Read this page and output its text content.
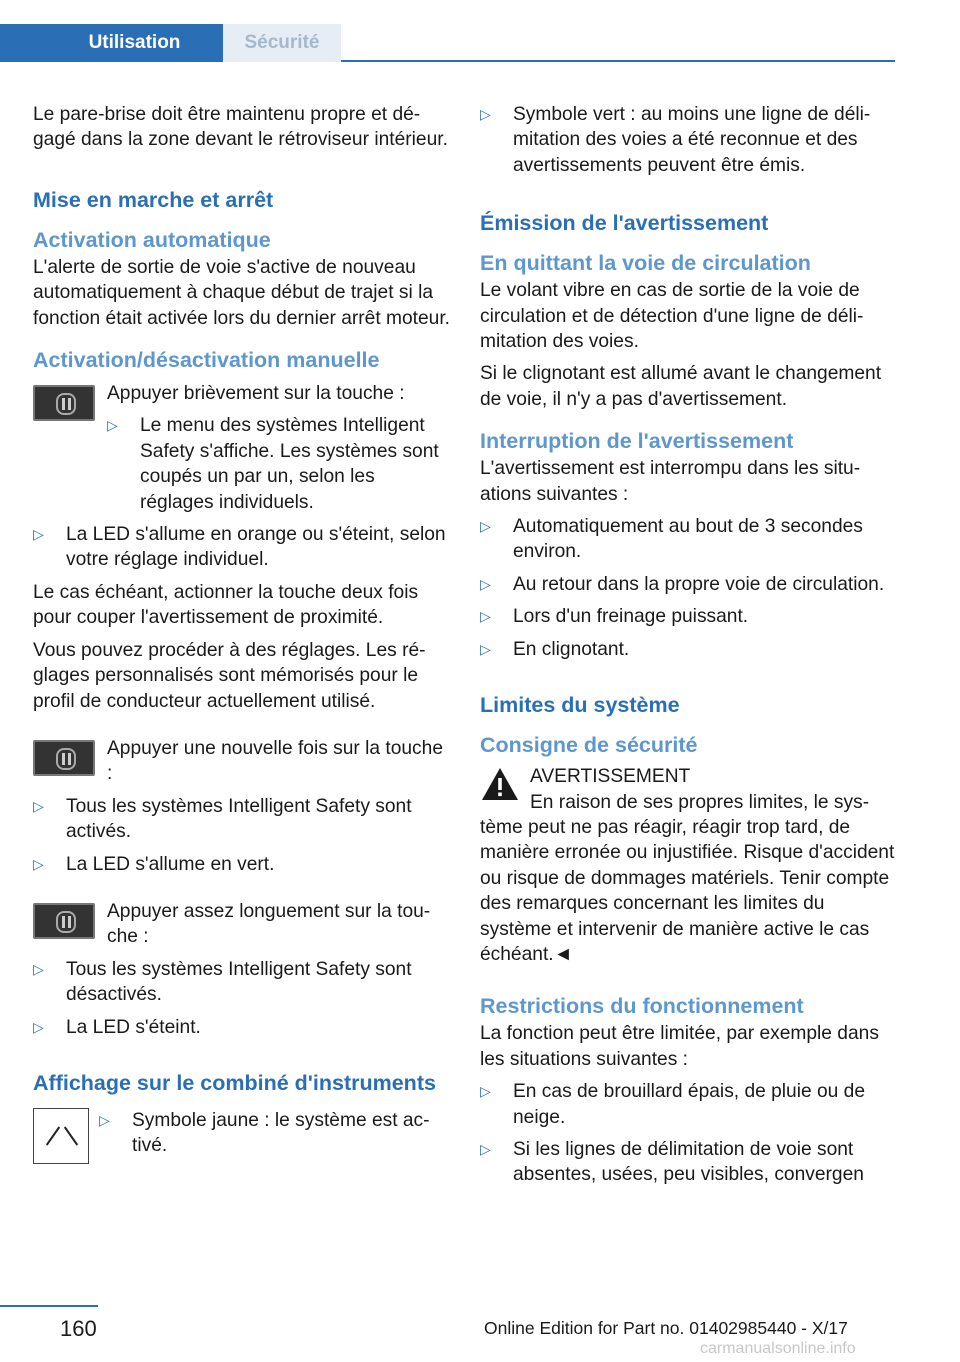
Utilisation	Sécurité

Le pare-brise doit être maintenu propre et dégagé dans la zone devant le rétroviseur intérieur.

Mise en marche et arrêt
Activation automatique

L'alerte de sortie de voie s'active de nouveau automatiquement à chaque début de trajet si la fonction était activée lors du dernier arrêt moteur.

Activation/désactivation manuelle

Appuyer brièvement sur la touche :

▷ Le menu des systèmes Intelligent Safety s'affiche. Les systèmes sont coupés un par un, selon les réglages individuels.
▷ La LED s'allume en orange ou s'éteint, selon votre réglage individuel.

Le cas échéant, actionner la touche deux fois pour couper l'avertissement de proximité.

Vous pouvez procéder à des réglages. Les réglages personnalisés sont mémorisés pour le profil de conducteur actuellement utilisé.

Appuyer une nouvelle fois sur la touche :

▷ Tous les systèmes Intelligent Safety sont activés.
▷ La LED s'allume en vert.

Appuyer assez longuement sur la touche :

▷ Tous les systèmes Intelligent Safety sont désactivés.
▷ La LED s'éteint.
Affichage sur le combiné d'instruments
▷ Symbole jaune : le système est activé.
▷ Symbole vert : au moins une ligne de délimitation des voies a été reconnue et des avertissements peuvent être émis.
Émission de l'avertissement
En quittant la voie de circulation

Le volant vibre en cas de sortie de la voie de circulation et de détection d'une ligne de délimitation des voies.

Si le clignotant est allumé avant le changement de voie, il n'y a pas d'avertissement.

Interruption de l'avertissement

L'avertissement est interrompu dans les situations suivantes :

▷ Automatiquement au bout de 3 secondes environ.
▷ Au retour dans la propre voie de circulation.
▷ Lors d'un freinage puissant.
▷ En clignotant.
Limites du système
Consigne de sécurité

AVERTISSEMENT

En raison de ses propres limites, le système peut ne pas réagir, réagir trop tard, de manière erronée ou injustifiée. Risque d'accident ou risque de dommages matériels. Tenir compte des remarques concernant les limites du système et intervenir de manière active le cas échéant.◄

Restrictions du fonctionnement

La fonction peut être limitée, par exemple dans les situations suivantes :

▷ En cas de brouillard épais, de pluie ou de neige.
▷ Si les lignes de délimitation de voie sont absentes, usées, peu visibles, convergen
160	Online Edition for Part no. 01402985440 - X/17
carmanualsonline.info
